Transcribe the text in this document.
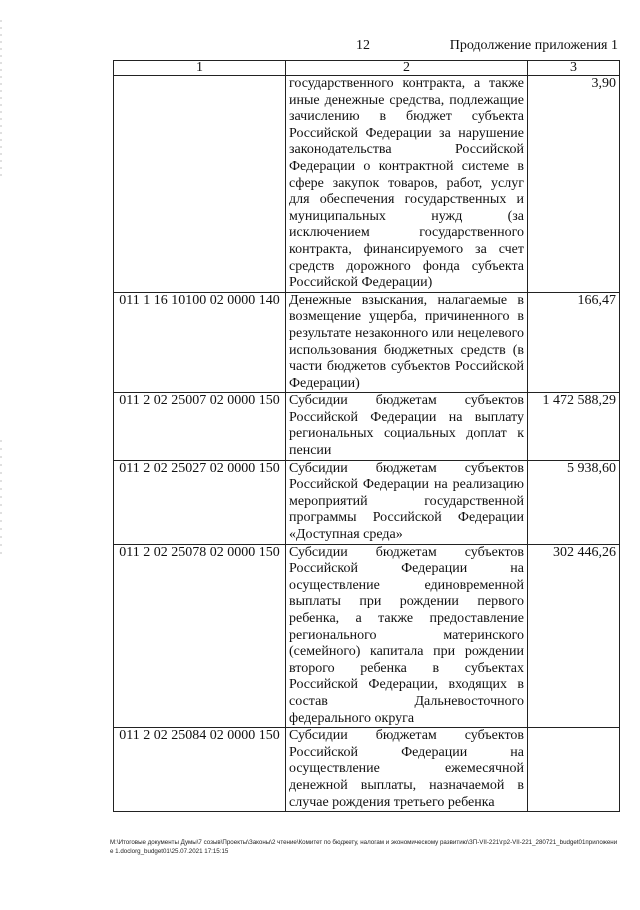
12	Продолжение приложения 1
1	2	3
	государственного контракта, а также иные денежные средства, подлежащие зачислению в бюджет субъекта Российской Федерации за нарушение законодательства Российской Федерации о контрактной системе в сфере закупок товаров, работ, услуг для обеспечения государственных и муниципальных нужд (за исключением государственного контракта, финансируемого за счет средств дорожного фонда субъекта Российской Федерации)	3,90
011 1 16 10100 02 0000 140	Денежные взыскания, налагаемые в возмещение ущерба, причиненного в результате незаконного или нецелевого использования бюджетных средств (в части бюджетов субъектов Российской Федерации)	166,47
011 2 02 25007 02 0000 150	Субсидии бюджетам субъектов Российской Федерации на выплату региональных социальных доплат к пенсии	1 472 588,29
011 2 02 25027 02 0000 150	Субсидии бюджетам субъектов Российской Федерации на реализацию мероприятий государственной программы Российской Федерации «Доступная среда»	5 938,60
011 2 02 25078 02 0000 150	Субсидии бюджетам субъектов Российской Федерации на осуществление единовременной выплаты при рождении первого ребенка, а также предоставление регионального материнского (семейного) капитала при рождении второго ребенка в субъектах Российской Федерации, входящих в состав Дальневосточного федерального округа	302 446,26
011 2 02 25084 02 0000 150	Субсидии бюджетам субъектов Российской Федерации на осуществление ежемесячной денежной выплаты, назначаемой в случае рождения третьего ребенка	
М:\Итоговые документы Думы\7 созыв\Проекты\Законы\2 чтение\Комитет по бюджету, налогам и экономическому развитию\ЗП-VII-221\гр2-VII-221_280721_budget01приложение 1.doclorg_budget01\25.07.2021 17:15:15
